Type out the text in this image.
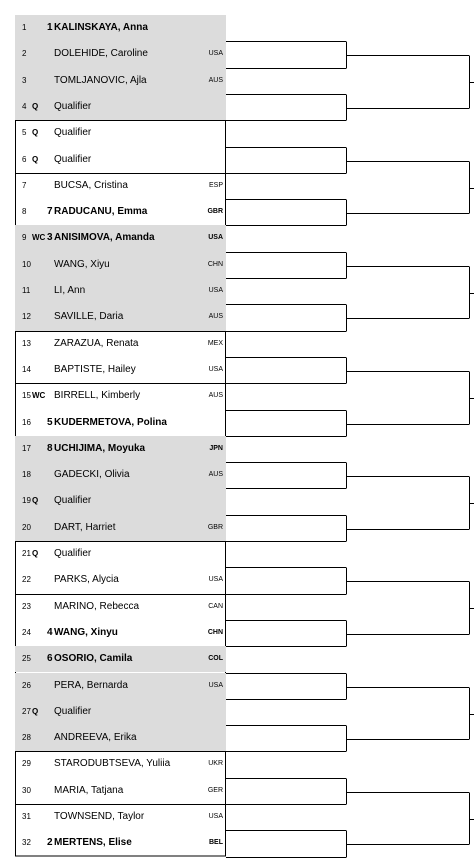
1 1 KALINSKAYA, Anna
2	DOLEHIDE, Caroline	USA
3	TOMLJANOVIC, Ajla	AUS
4 Q Qualifier
5 Q Qualifier
6 Q Qualifier
7	BUCSA, Cristina	ESP
8 7 RADUCANU, Emma	GBR
9 WC 3 ANISIMOVA, Amanda	USA
10 WANG, Xiyu	CHN
11 LI, Ann	USA
12 SAVILLE, Daria	AUS
13 ZARAZUA, Renata	MEX
14 BAPTISTE, Hailey	USA
15 WC BIRRELL, Kimberly	AUS
16 5 KUDERMETOVA, Polina
17 8 UCHIJIMA, Moyuka	JPN
18 GADECKI, Olivia	AUS
19 Q Qualifier
20 DART, Harriet	GBR
21 Q Qualifier
22 PARKS, Alycia	USA
23 MARINO, Rebecca	CAN
24 4 WANG, Xinyu	CHN
25 6 OSORIO, Camila	COL
26 PERA, Bernarda	USA
27 Q Qualifier
28 ANDREEVA, Erika
29 STARODUBTSEVA, Yuliia	UKR
30 MARIA, Tatjana	GER
31 TOWNSEND, Taylor	USA
32 2 MERTENS, Elise	BEL
